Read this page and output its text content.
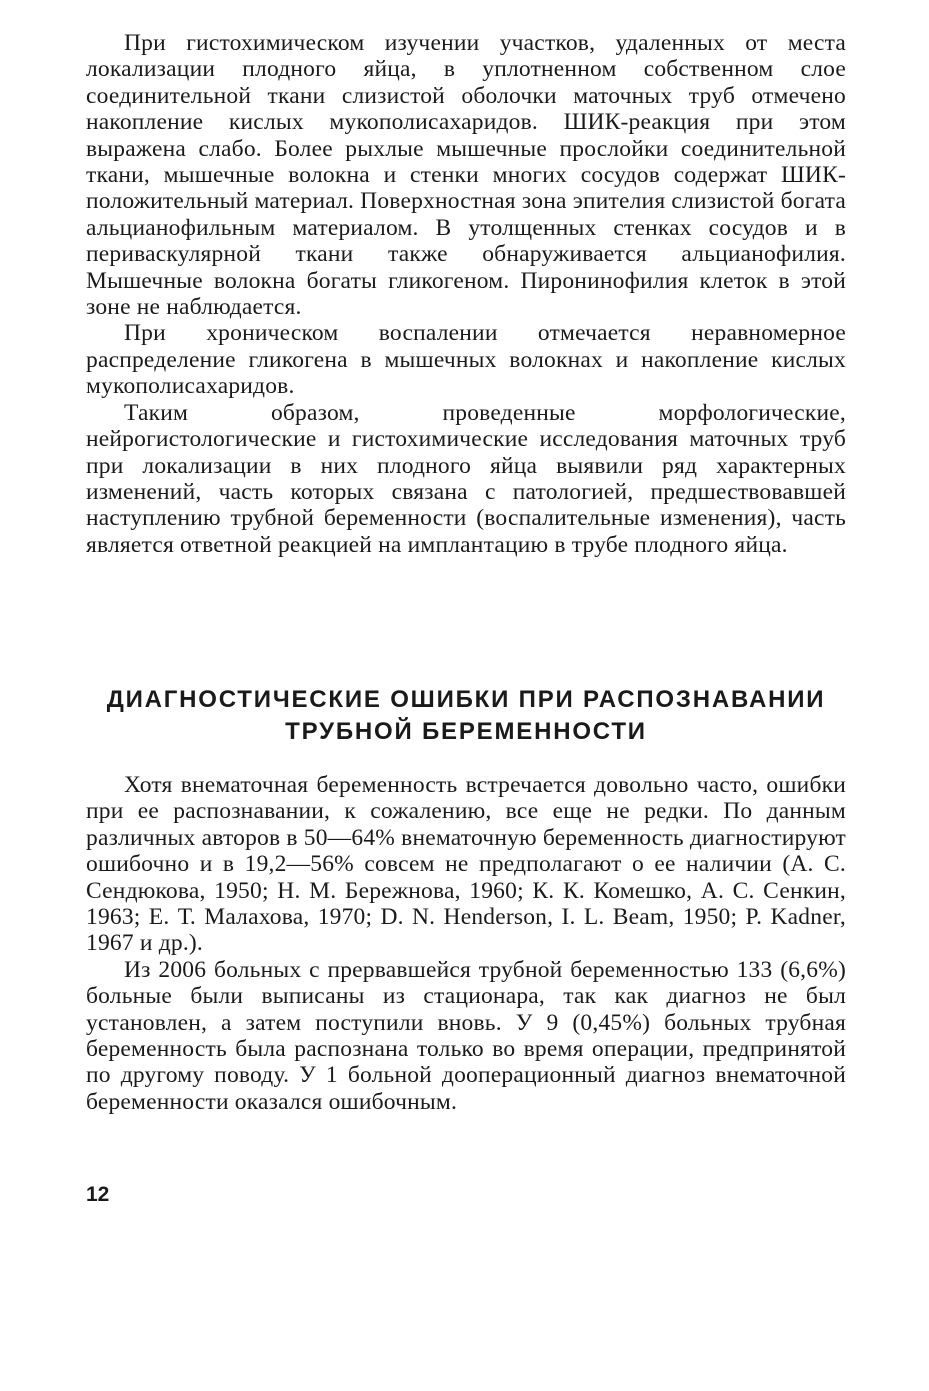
При гистохимическом изучении участков, удаленных от места локализации плодного яйца, в уплотненном собственном слое соединительной ткани слизистой оболочки маточных труб отмечено накопление кислых мукополисахаридов. ШИК-реакция при этом выражена слабо. Более рыхлые мышечные прослойки соединительной ткани, мышечные волокна и стенки многих сосудов содержат ШИК-положительный материал. Поверхностная зона эпителия слизистой богата альцианофильным материалом. В утолщенных стенках сосудов и в периваскулярной ткани также обнаруживается альцианофилия. Мышечные волокна богаты гликогеном. Пиронинофилия клеток в этой зоне не наблюдается.

При хроническом воспалении отмечается неравномерное распределение гликогена в мышечных волокнах и накопление кислых мукополисахаридов.

Таким образом, проведенные морфологические, нейрогистологические и гистохимические исследования маточных труб при локализации в них плодного яйца выявили ряд характерных изменений, часть которых связана с патологией, предшествовавшей наступлению трубной беременности (воспалительные изменения), часть является ответной реакцией на имплантацию в трубе плодного яйца.

ДИАГНОСТИЧЕСКИЕ ОШИБКИ ПРИ РАСПОЗНАВАНИИ
ТРУБНОЙ БЕРЕМЕННОСТИ

Хотя внематочная беременность встречается довольно часто, ошибки при ее распознавании, к сожалению, все еще не редки. По данным различных авторов в 50—64% внематочную беременность диагностируют ошибочно и в 19,2—56% совсем не предполагают о ее наличии (А. С. Сендюкова, 1950; Н. М. Бережнова, 1960; К. К. Комешко, А. С. Сенкин, 1963; Е. Т. Малахова, 1970; D. N. Henderson, I. L. Beam, 1950; P. Kadner, 1967 и др.).

Из 2006 больных с прервавшейся трубной беременностью 133 (6,6%) больные были выписаны из стационара, так как диагноз не был установлен, а затем поступили вновь. У 9 (0,45%) больных трубная беременность была распознана только во время операции, предпринятой по другому поводу. У 1 больной дооперационный диагноз внематочной беременности оказался ошибочным.

12
